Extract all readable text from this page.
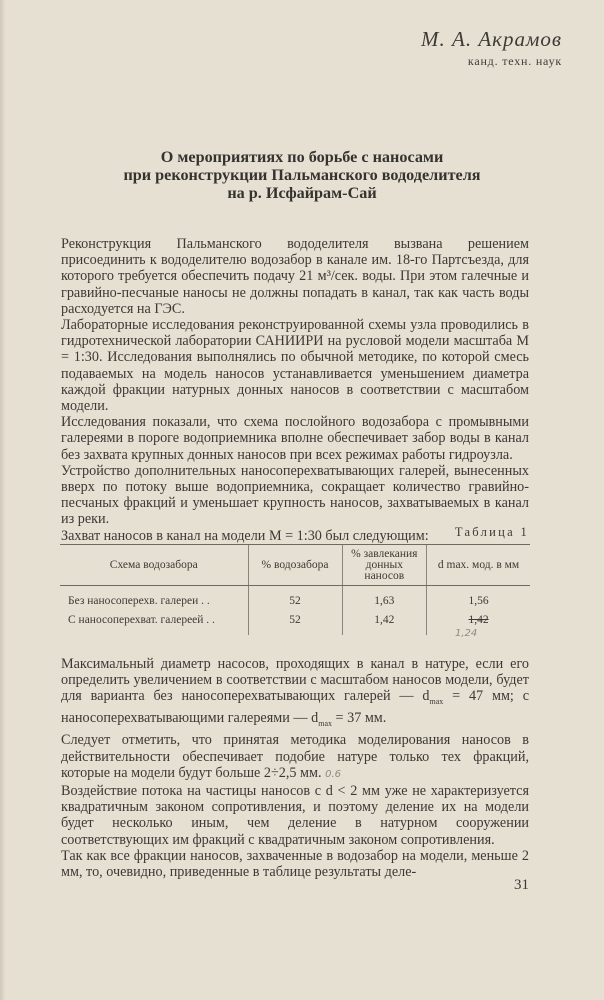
М. А. Акрамов
канд. техн. наук
О мероприятиях по борьбе с наносами
при реконструкции Пальманского вододелителя
на р. Исфайрам-Сай

Реконструкция Пальманского вододелителя вызвана решением присоединить к вододелителю водозабор в канале им. 18-го Партсъезда, для которого требуется обеспечить подачу 21 м³/сек. воды. При этом галечные и гравийно-песчаные наносы не должны попадать в канал, так как часть воды расходуется на ГЭС.

Лабораторные исследования реконструированной схемы узла проводились в гидротехнической лаборатории САНИИРИ на русловой модели масштаба М = 1:30. Исследования выполнялись по обычной методике, по которой смесь подаваемых на модель наносов устанавливается уменьшением диаметра каждой фракции натурных донных наносов в соответствии с масштабом модели.

Исследования показали, что схема послойного водозабора с промывными галереями в пороге водоприемника вполне обеспечивает забор воды в канал без захвата крупных донных наносов при всех режимах работы гидроузла.

Устройство дополнительных наноcoперехватывающих галерей, вынесенных вверх по потоку выше водоприемника, сокращает количество гравийно-песчаных фракций и уменьшает крупность наносов, захватываемых в канал из реки.

Захват наносов в канал на модели М = 1:30 был следующим:	Таблица 1
Схема водозабора	% водозабора	% завлекания донных наносов	d max. мод. в мм
Без наносоперехв. галереи . .	52	1,63	1,56
С наносоперехват. галереей . .	52	1,42	1,42
1,24

Максимальный диаметр насосов, проходящих в канал в натуре, если его определить увеличением в соответствии с масштабом наносов модели, будет для варианта без наносоперехватывающих галерей — $d_{max} = 47$ мм; с наносоперехватывающими галереями — $d_{max} = 37$ мм.

Следует отметить, что принятая методика моделирования наносов в действительности обеспечивает подобие натуре только тех фракций, которые на модели будут больше 2÷2,5 мм. 0.6

Воздействие потока на частицы наносов с d < 2 мм уже не характеризуется квадратичным законом сопротивления, и поэтому деление их на модели будет несколько иным, чем деление в натурном сооружении соответствующих им фракций с квадратичным законом сопротивления.

Так как все фракции наносов, захваченные в водозабор на модели, меньше 2 мм, то, очевидно, приведенные в таблице результаты деле-

31
